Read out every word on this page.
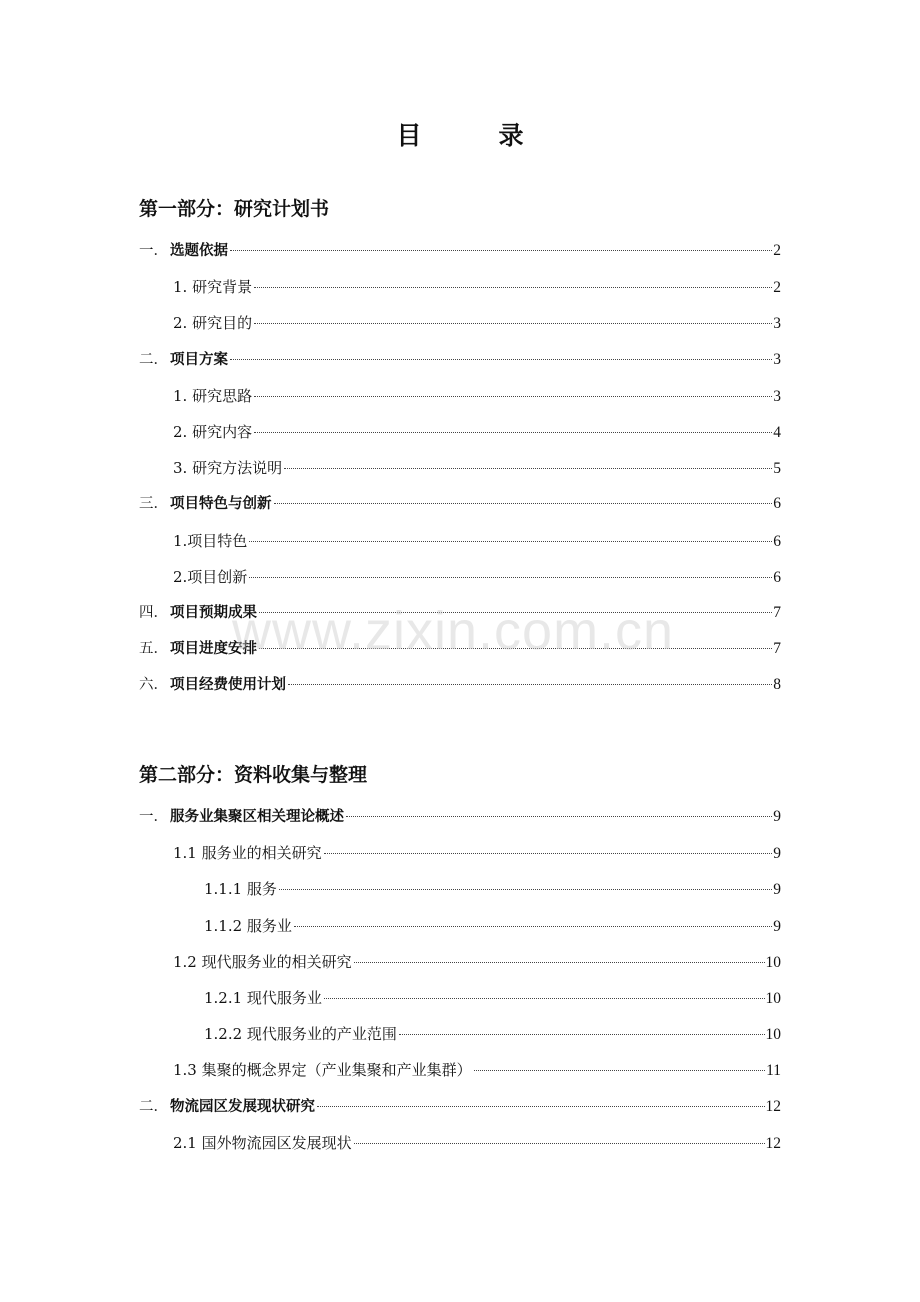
目　录
第一部分：研究计划书
一． 选题依据	2
1. 研究背景	2
2. 研究目的	3
二． 项目方案	3
1. 研究思路	3
2. 研究内容	4
3. 研究方法说明	5
三． 项目特色与创新	6
1.项目特色	6
2.项目创新	6
四． 项目预期成果	7
五． 项目进度安排	7
六． 项目经费使用计划	8
第二部分：资料收集与整理
一． 服务业集聚区相关理论概述	9
1.1 服务业的相关研究	9
1.1.1 服务	9
1.1.2 服务业	9
1.2 现代服务业的相关研究	10
1.2.1 现代服务业	10
1.2.2 现代服务业的产业范围	10
1.3 集聚的概念界定（产业集聚和产业集群）	11
二． 物流园区发展现状研究	12
2.1 国外物流园区发展现状	12
www.zixin.com.cn
